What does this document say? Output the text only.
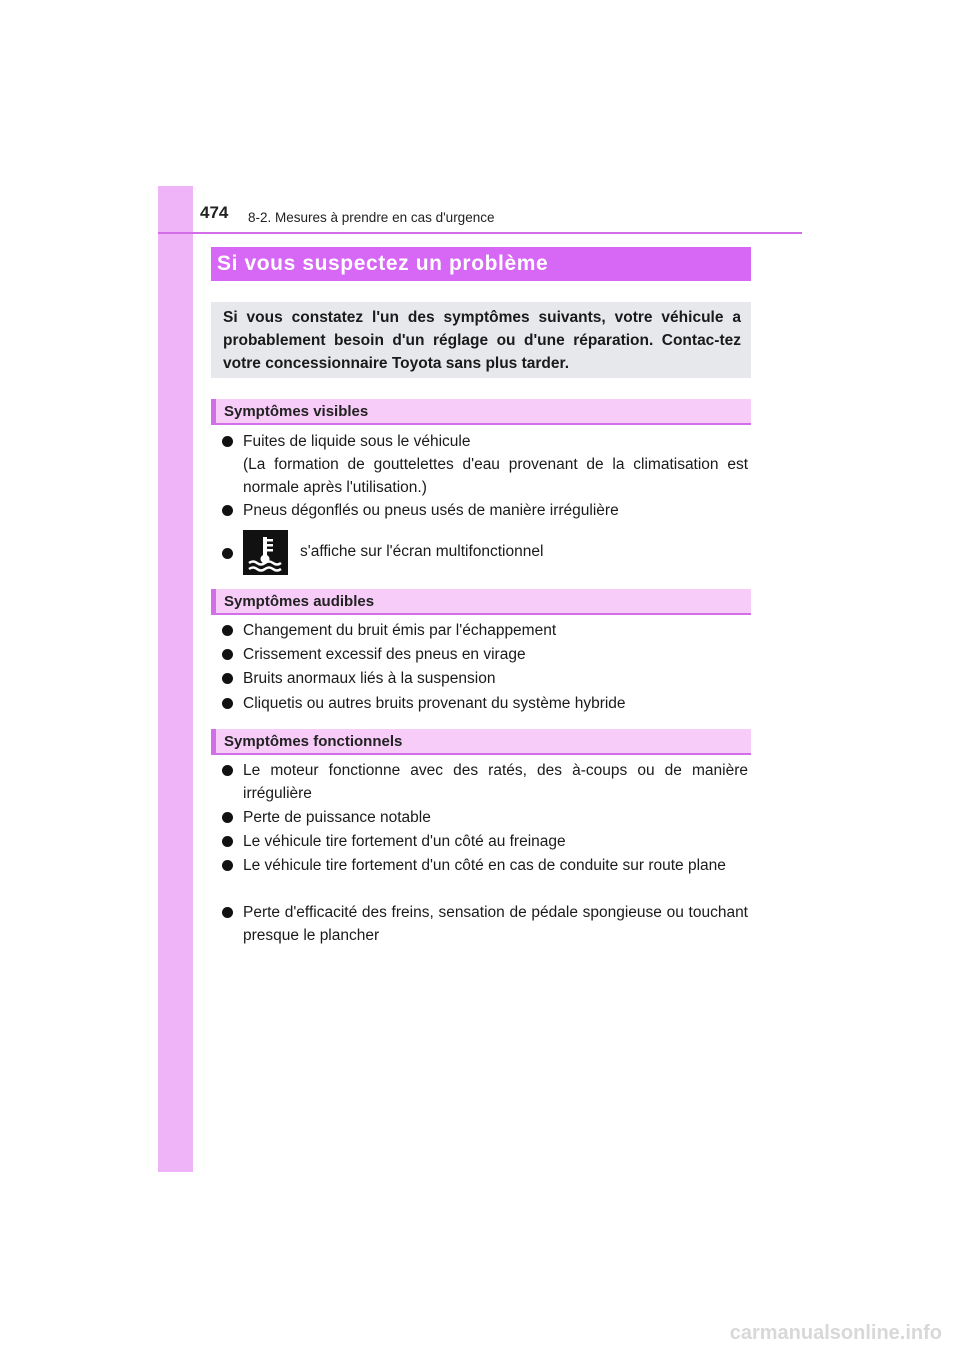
474 8-2. Mesures à prendre en cas d'urgence
Si vous suspectez un problème
Si vous constatez l'un des symptômes suivants, votre véhicule a probablement besoin d'un réglage ou d'une réparation. Contac-tez votre concessionnaire Toyota sans plus tarder.
Symptômes visibles
Fuites de liquide sous le véhicule
(La formation de gouttelettes d'eau provenant de la climatisation est normale après l'utilisation.)
Pneus dégonflés ou pneus usés de manière irrégulière
s'affiche sur l'écran multifonctionnel
Symptômes audibles
Changement du bruit émis par l'échappement
Crissement excessif des pneus en virage
Bruits anormaux liés à la suspension
Cliquetis ou autres bruits provenant du système hybride
Symptômes fonctionnels
Le moteur fonctionne avec des ratés, des à-coups ou de manière irrégulière
Perte de puissance notable
Le véhicule tire fortement d'un côté au freinage
Le véhicule tire fortement d'un côté en cas de conduite sur route plane
Perte d'efficacité des freins, sensation de pédale spongieuse ou touchant presque le plancher
carmanualsonline.info
